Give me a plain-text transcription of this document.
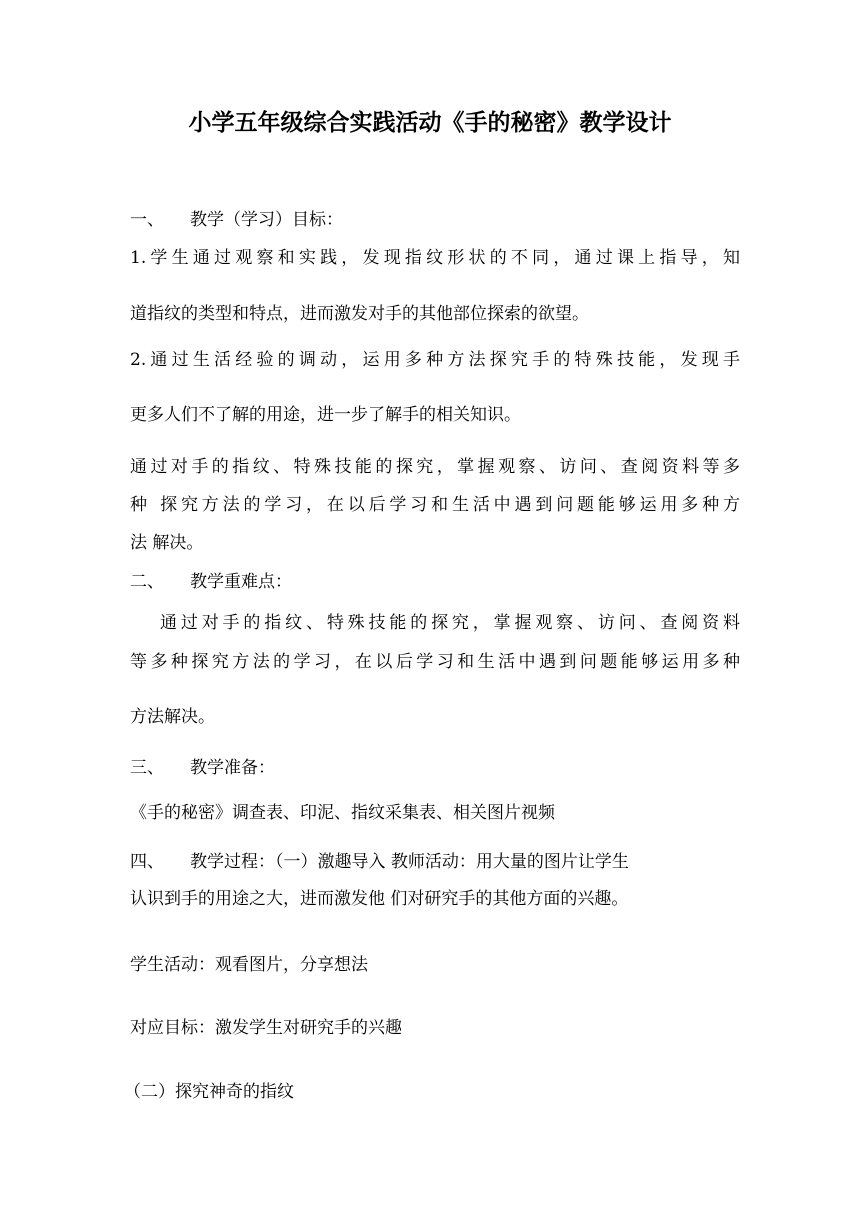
小学五年级综合实践活动《手的秘密》教学设计
一、 教学（学习）目标：
1.学生通过观察和实践，发现指纹形状的不同，通过课上指导，知
道指纹的类型和特点，进而激发对手的其他部位探索的欲望。
2.通过生活经验的调动，运用多种方法探究手的特殊技能，发现手
更多人们不了解的用途，进一步了解手的相关知识。
通过对手的指纹、特殊技能的探究，掌握观察、访问、查阅资料等多
种 探究方法的学习，在以后学习和生活中遇到问题能够运用多种方
法 解决。
二、 教学重难点：
通过对手的指纹、特殊技能的探究，掌握观察、访问、查阅资料
等多种探究方法的学习，在以后学习和生活中遇到问题能够运用多种
方法解决。
三、 教学准备：
《手的秘密》调查表、印泥、指纹采集表、相关图片视频
四、 教学过程：（一）激趣导入 教师活动：用大量的图片让学生
认识到手的用途之大，进而激发他 们对研究手的其他方面的兴趣。
学生活动：观看图片，分享想法
对应目标：激发学生对研究手的兴趣
（二）探究神奇的指纹
